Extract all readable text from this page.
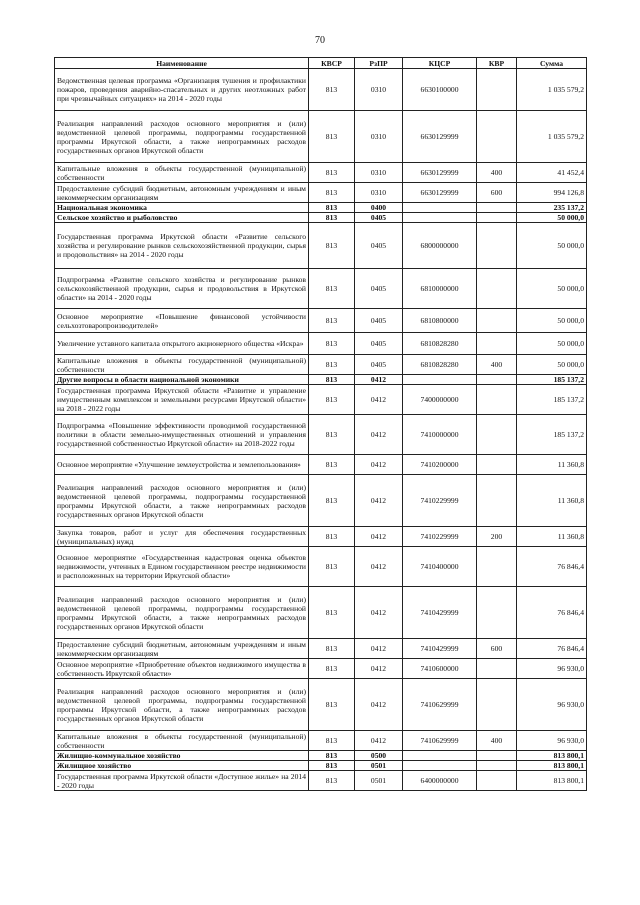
70
Наименование	КВСР	РзПР	КЦСР	КВР	Сумма
Ведомственная целевая программа «Организация тушения и профилактики пожаров, проведения аварийно-спасательных и других неотложных работ при чрезвычайных ситуациях» на 2014 - 2020 годы	813	0310	6630100000		1 035 579,2
Реализация направлений расходов основного мероприятия и (или) ведомственной целевой программы, подпрограммы государственной программы Иркутской области, а также непрограммных расходов государственных органов Иркутской области	813	0310	6630129999		1 035 579,2
Капитальные вложения в объекты государственной (муниципальной) собственности	813	0310	6630129999	400	41 452,4
Предоставление субсидий бюджетным, автономным учреждениям и иным некоммерческим организациям	813	0310	6630129999	600	994 126,8
Национальная экономика	813	0400			235 137,2
Сельское хозяйство и рыболовство	813	0405			50 000,0
Государственная программа Иркутской области «Развитие сельского хозяйства и регулирование рынков сельскохозяйственной продукции, сырья и продовольствия» на 2014 - 2020 годы	813	0405	6800000000		50 000,0
Подпрограмма «Развитие сельского хозяйства и регулирование рынков сельскохозяйственной продукции, сырья и продовольствия в Иркутской области» на 2014 - 2020 годы	813	0405	6810000000		50 000,0
Основное мероприятие «Повышение финансовой устойчивости сельхозтоваропроизводителей»	813	0405	6810800000		50 000,0
Увеличение уставного капитала открытого акционерного общества «Искра»	813	0405	6810828280		50 000,0
Капитальные вложения в объекты государственной (муниципальной) собственности	813	0405	6810828280	400	50 000,0
Другие вопросы в области национальной экономики	813	0412			185 137,2
Государственная программа Иркутской области «Развитие и управление имущественным комплексом и земельными ресурсами Иркутской области» на 2018 - 2022 годы	813	0412	7400000000		185 137,2
Подпрограмма «Повышение эффективности проводимой государственной политики в области земельно-имущественных отношений и управления государственной собственностью Иркутской области» на 2018-2022 годы	813	0412	7410000000		185 137,2
Основное мероприятие «Улучшение землеустройства и землепользования»	813	0412	7410200000		11 360,8
Реализация направлений расходов основного мероприятия и (или) ведомственной целевой программы, подпрограммы государственной программы Иркутской области, а также непрограммных расходов государственных органов Иркутской области	813	0412	7410229999		11 360,8
Закупка товаров, работ и услуг для обеспечения государственных (муниципальных) нужд	813	0412	7410229999	200	11 360,8
Основное мероприятие «Государственная кадастровая оценка объектов недвижимости, учтенных в Едином государственном реестре недвижимости и расположенных на территории Иркутской области»	813	0412	7410400000		76 846,4
Реализация направлений расходов основного мероприятия и (или) ведомственной целевой программы, подпрограммы государственной программы Иркутской области, а также непрограммных расходов государственных органов Иркутской области	813	0412	7410429999		76 846,4
Предоставление субсидий бюджетным, автономным учреждениям и иным некоммерческим организациям	813	0412	7410429999	600	76 846,4
Основное мероприятие «Приобретение объектов недвижимого имущества в собственность Иркутской области»	813	0412	7410600000		96 930,0
Реализация направлений расходов основного мероприятия и (или) ведомственной целевой программы, подпрограммы государственной программы Иркутской области, а также непрограммных расходов государственных органов Иркутской области	813	0412	7410629999		96 930,0
Капитальные вложения в объекты государственной (муниципальной) собственности	813	0412	7410629999	400	96 930,0
Жилищно-коммунальное хозяйство	813	0500			813 800,1
Жилищное хозяйство	813	0501			813 800,1
Государственная программа Иркутской области «Доступное жилье» на 2014 - 2020 годы	813	0501	6400000000		813 800,1
